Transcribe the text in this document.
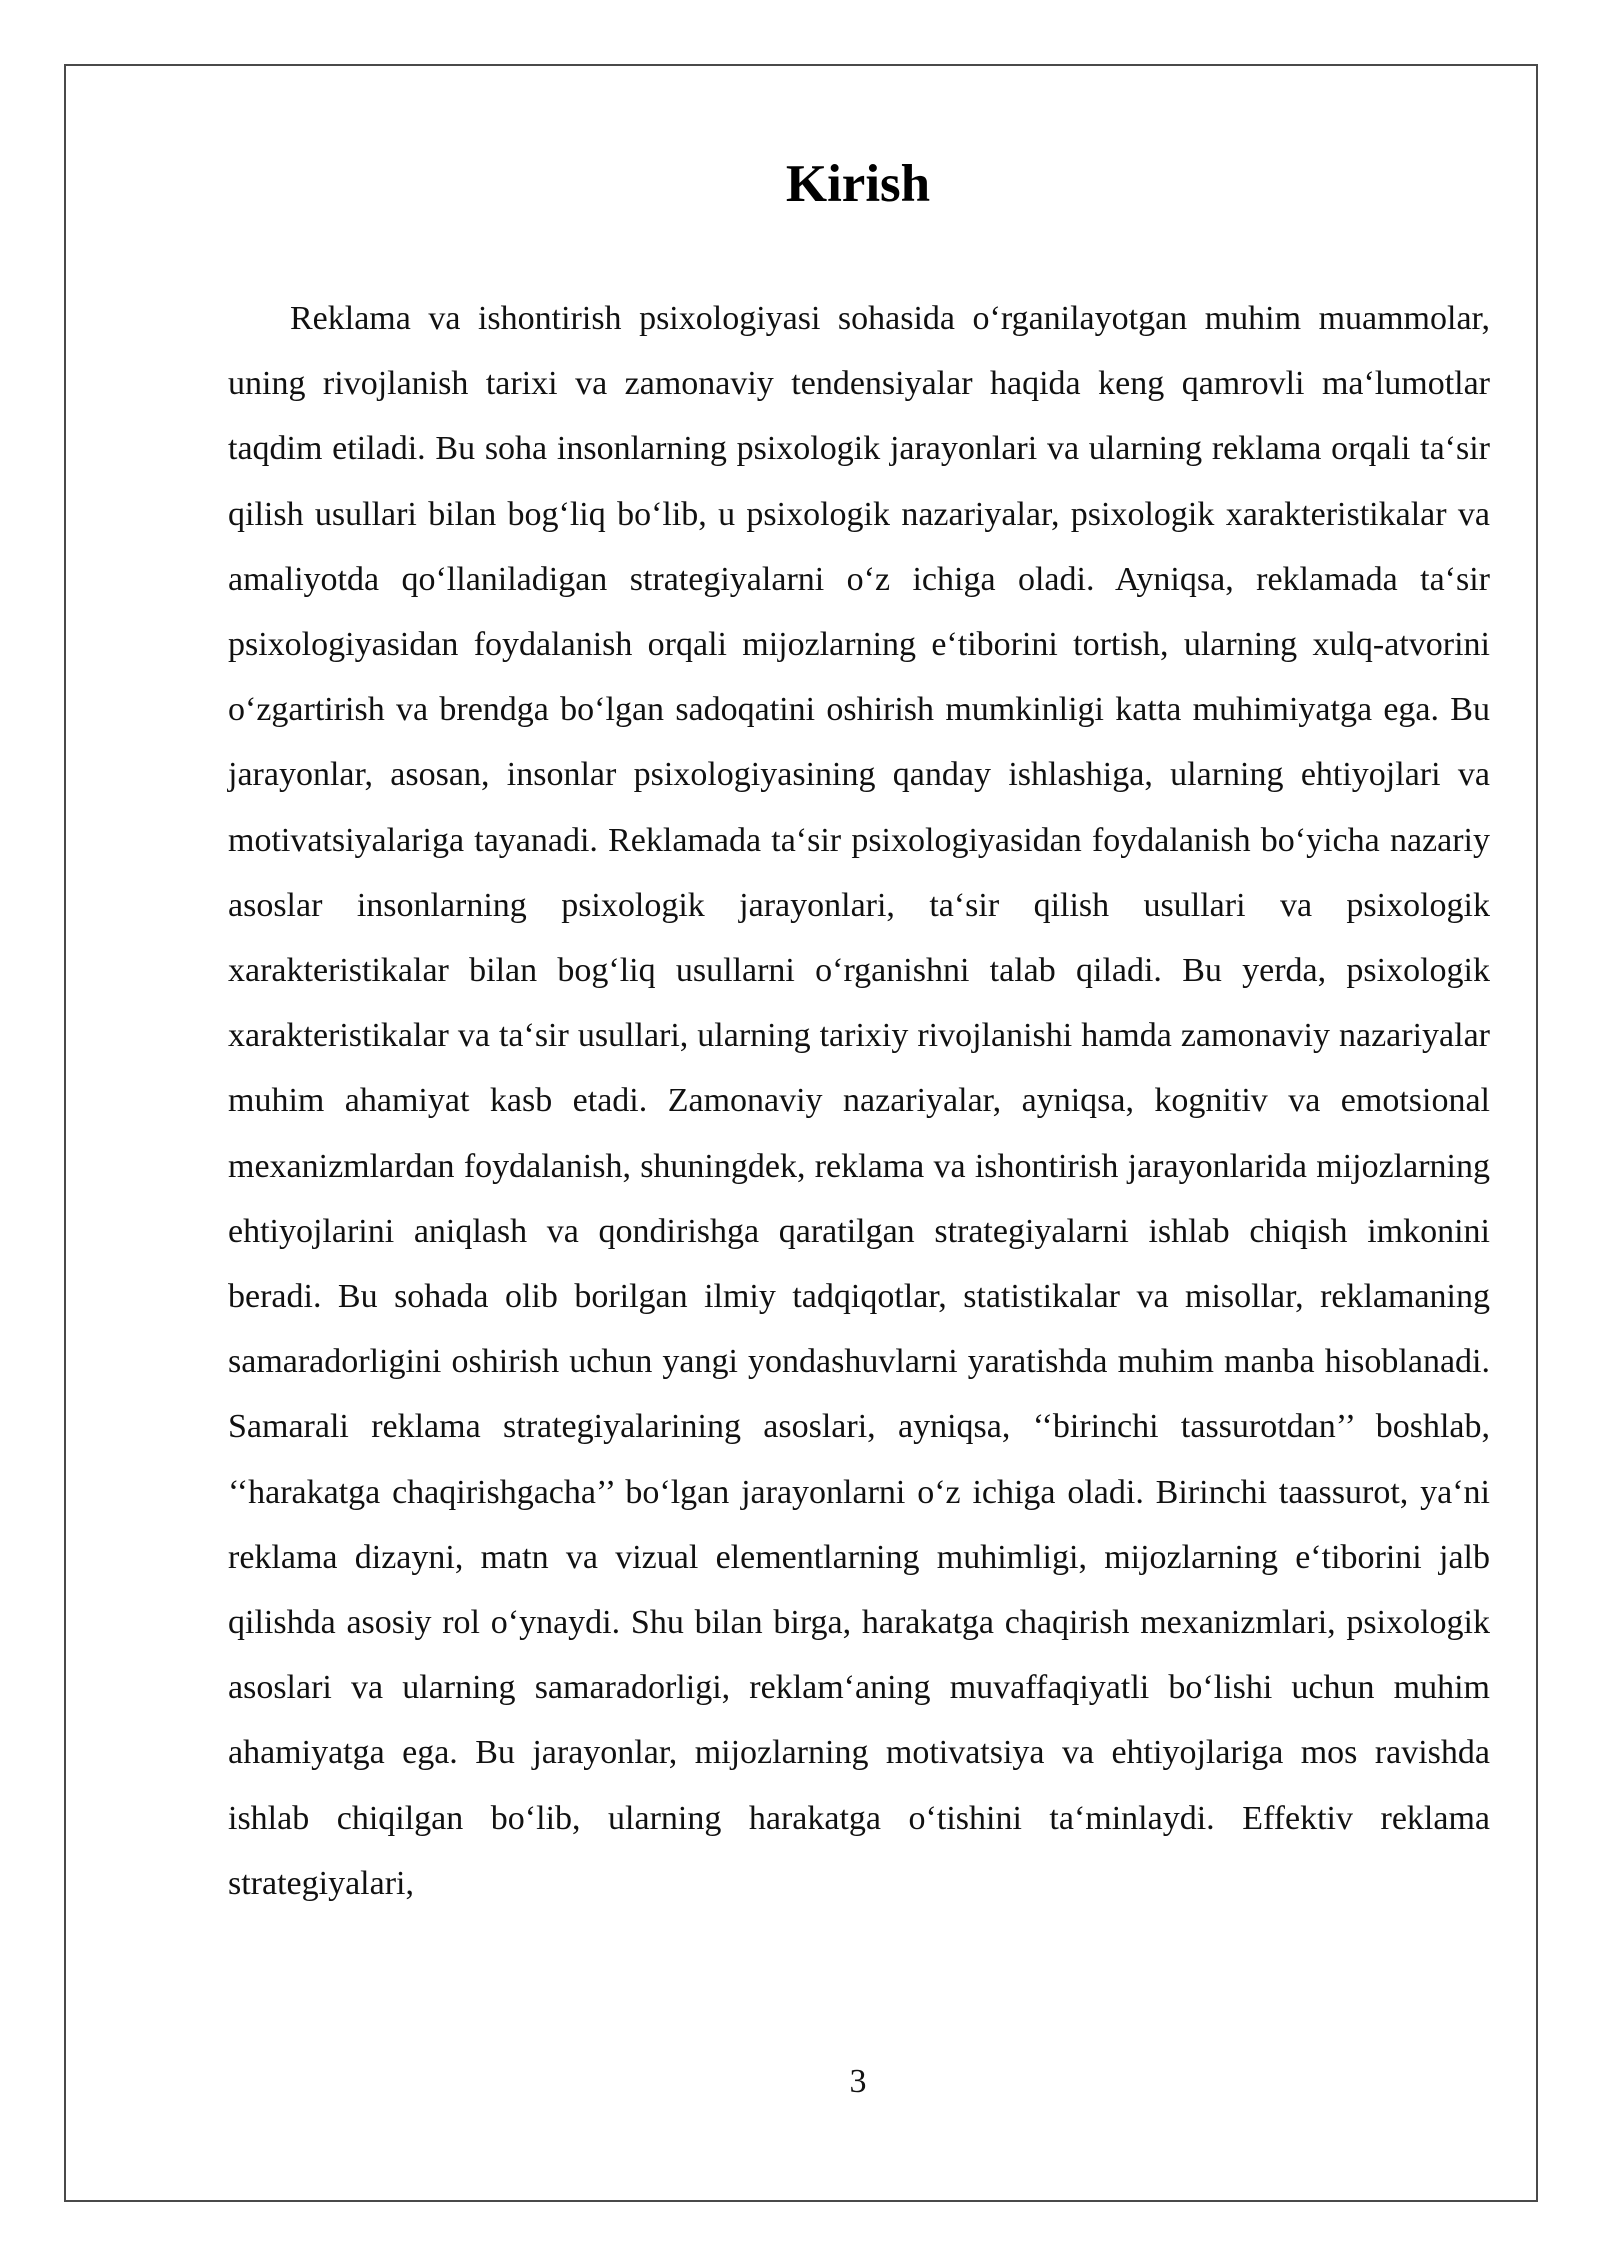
Kirish

Reklama va ishontirish psixologiyasi sohasida o‘rganilayotgan muhim muammolar, uning rivojlanish tarixi va zamonaviy tendensiyalar haqida keng qamrovli ma‘lumotlar taqdim etiladi. Bu soha insonlarning psixologik jarayonlari va ularning reklama orqali ta‘sir qilish usullari bilan bog‘liq bo‘lib, u psixologik nazariyalar, psixologik xarakteristikalar va amaliyotda qo‘llaniladigan strategiyalarni o‘z ichiga oladi. Ayniqsa, reklamada ta‘sir psixologiyasidan foydalanish orqali mijozlarning e‘tiborini tortish, ularning xulq-atvorini o‘zgartirish va brendga bo‘lgan sadoqatini oshirish mumkinligi katta muhimiyatga ega. Bu jarayonlar, asosan, insonlar psixologiyasining qanday ishlashiga, ularning ehtiyojlari va motivatsiyalariga tayanadi. Reklamada ta‘sir psixologiyasidan foydalanish bo‘yicha nazariy asoslar insonlarning psixologik jarayonlari, ta‘sir qilish usullari va psixologik xarakteristikalar bilan bog‘liq usullarni o‘rganishni talab qiladi. Bu yerda, psixologik xarakteristikalar va ta‘sir usullari, ularning tarixiy rivojlanishi hamda zamonaviy nazariyalar muhim ahamiyat kasb etadi. Zamonaviy nazariyalar, ayniqsa, kognitiv va emotsional mexanizmlardan foydalanish, shuningdek, reklama va ishontirish jarayonlarida mijozlarning ehtiyojlarini aniqlash va qondirishga qaratilgan strategiyalarni ishlab chiqish imkonini beradi. Bu sohada olib borilgan ilmiy tadqiqotlar, statistikalar va misollar, reklamaning samaradorligini oshirish uchun yangi yondashuvlarni yaratishda muhim manba hisoblanadi. Samarali reklama strategiyalarining asoslari, ayniqsa, ‘‘birinchi tassurotdan’’ boshlab, ‘‘harakatga chaqirishgacha’’ bo‘lgan jarayonlarni o‘z ichiga oladi. Birinchi taassurot, ya‘ni reklama dizayni, matn va vizual elementlarning muhimligi, mijozlarning e‘tiborini jalb qilishda asosiy rol o‘ynaydi. Shu bilan birga, harakatga chaqirish mexanizmlari, psixologik asoslari va ularning samaradorligi, reklam‘aning muvaffaqiyatli bo‘lishi uchun muhim ahamiyatga ega. Bu jarayonlar, mijozlarning motivatsiya va ehtiyojlariga mos ravishda ishlab chiqilgan bo‘lib, ularning harakatga o‘tishini ta‘minlaydi. Effektiv reklama strategiyalari,

3
